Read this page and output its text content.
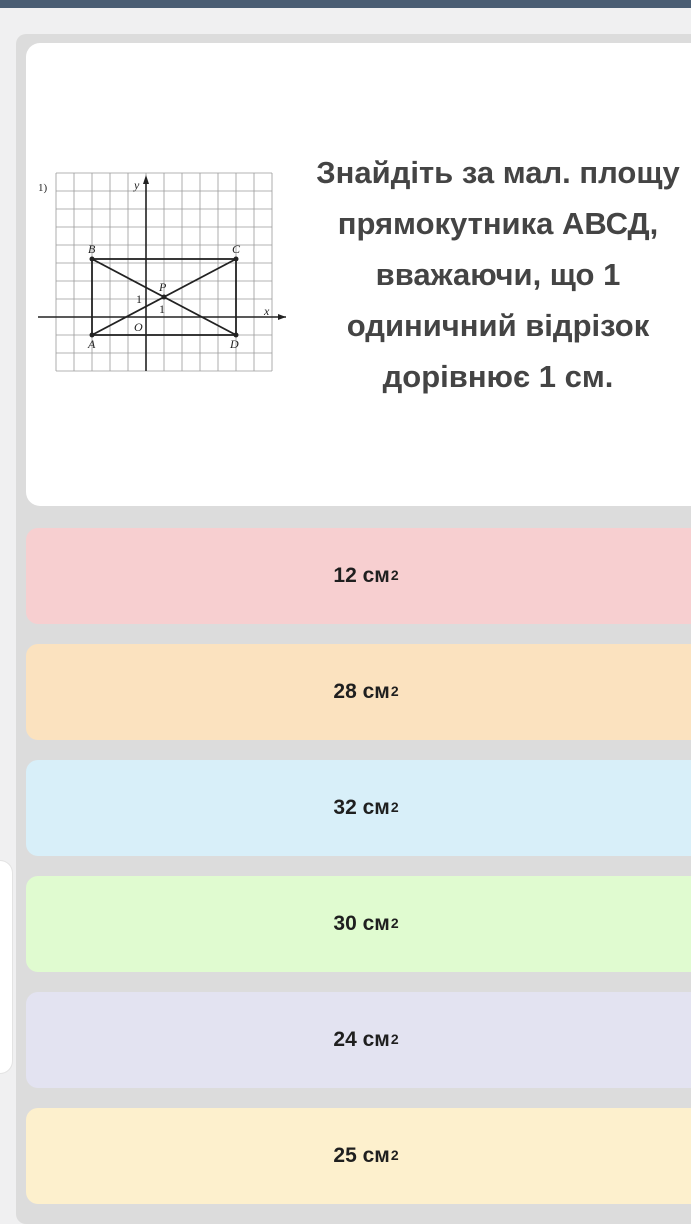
1)	y
x
B	C
A	D
P
O
1
1
Знайдіть за мал. площу прямокутника АВСД, вважаючи, що 1 одиничний відрізок дорівнює 1 см.
12
$см^2$
28
$см^2$
32
$см^2$
30
$см^2$
24
$см^2$
25
$см^2$
